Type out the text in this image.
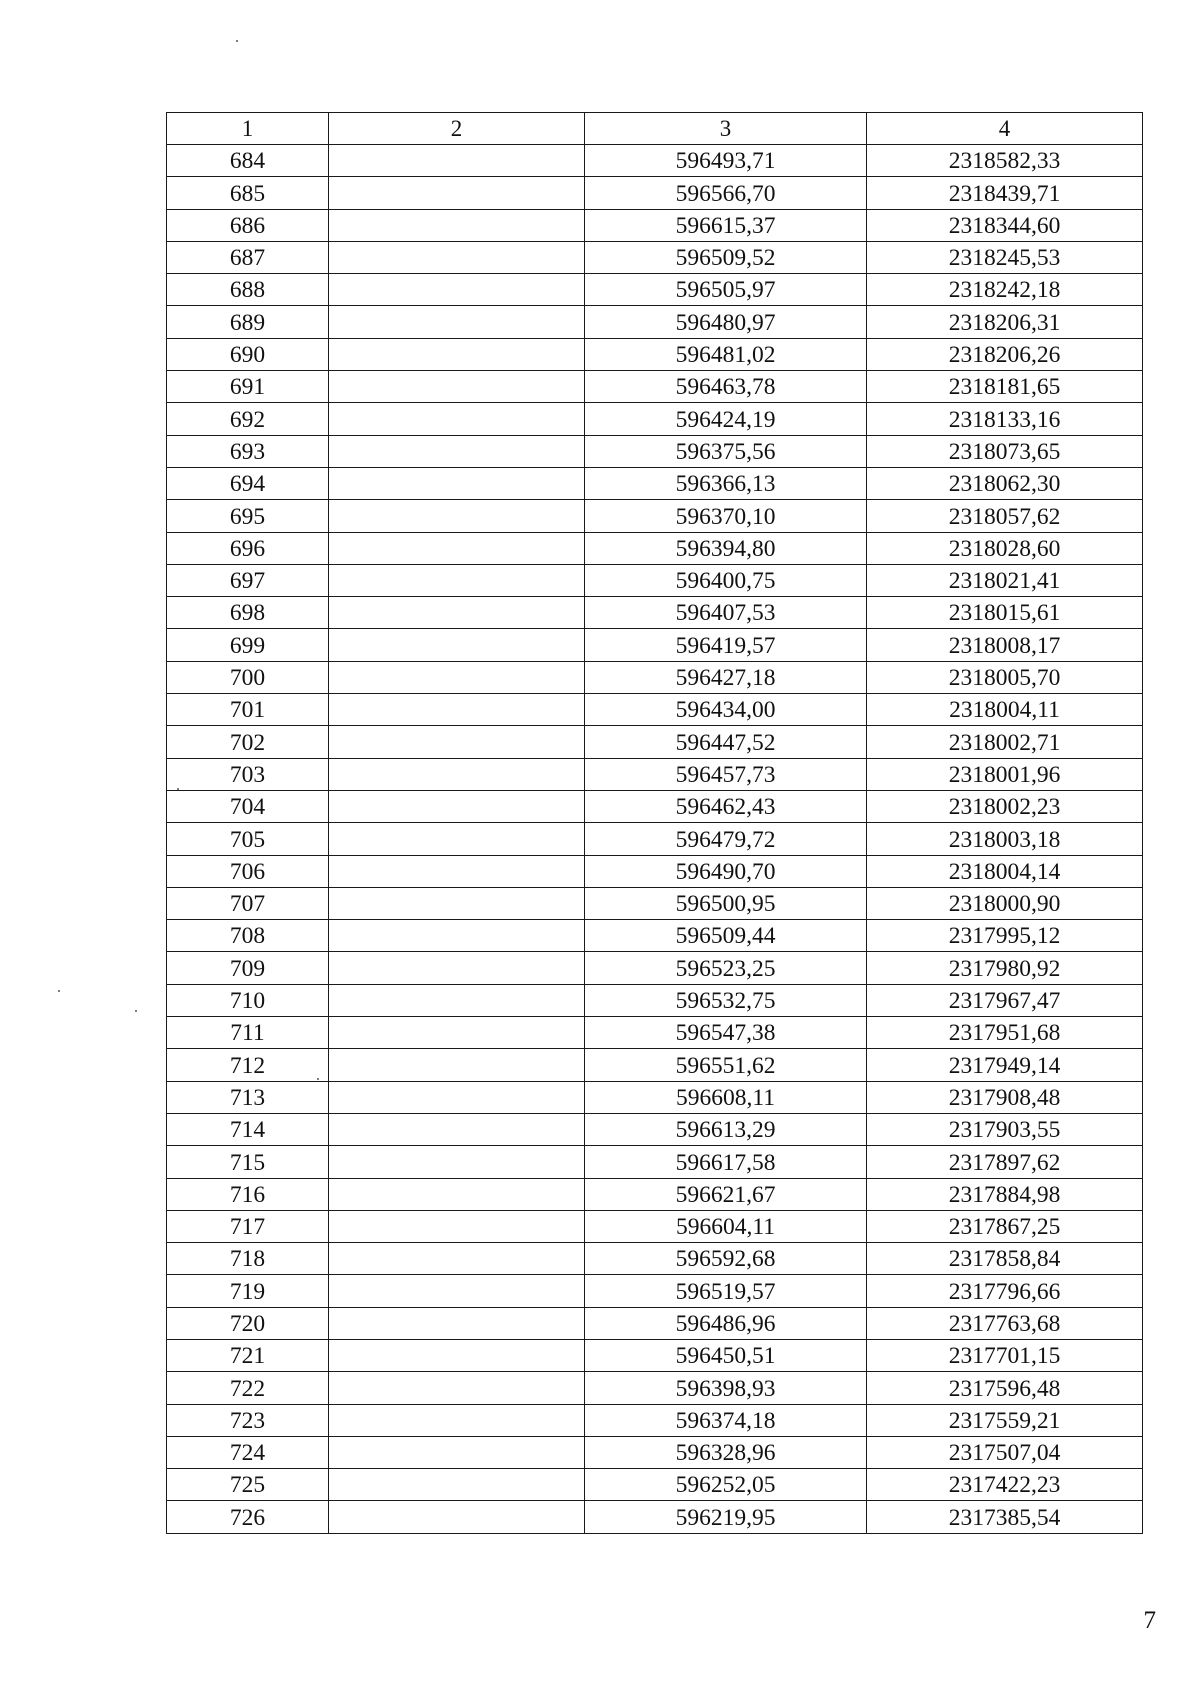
1	2	3	4
684		596493,71	2318582,33
685		596566,70	2318439,71
686		596615,37	2318344,60
687		596509,52	2318245,53
688		596505,97	2318242,18
689		596480,97	2318206,31
690		596481,02	2318206,26
691		596463,78	2318181,65
692		596424,19	2318133,16
693		596375,56	2318073,65
694		596366,13	2318062,30
695		596370,10	2318057,62
696		596394,80	2318028,60
697		596400,75	2318021,41
698		596407,53	2318015,61
699		596419,57	2318008,17
700		596427,18	2318005,70
701		596434,00	2318004,11
702		596447,52	2318002,71
703		596457,73	2318001,96
704		596462,43	2318002,23
705		596479,72	2318003,18
706		596490,70	2318004,14
707		596500,95	2318000,90
708		596509,44	2317995,12
709		596523,25	2317980,92
710		596532,75	2317967,47
711		596547,38	2317951,68
712		596551,62	2317949,14
713		596608,11	2317908,48
714		596613,29	2317903,55
715		596617,58	2317897,62
716		596621,67	2317884,98
717		596604,11	2317867,25
718		596592,68	2317858,84
719		596519,57	2317796,66
720		596486,96	2317763,68
721		596450,51	2317701,15
722		596398,93	2317596,48
723		596374,18	2317559,21
724		596328,96	2317507,04
725		596252,05	2317422,23
726		596219,95	2317385,54
7
